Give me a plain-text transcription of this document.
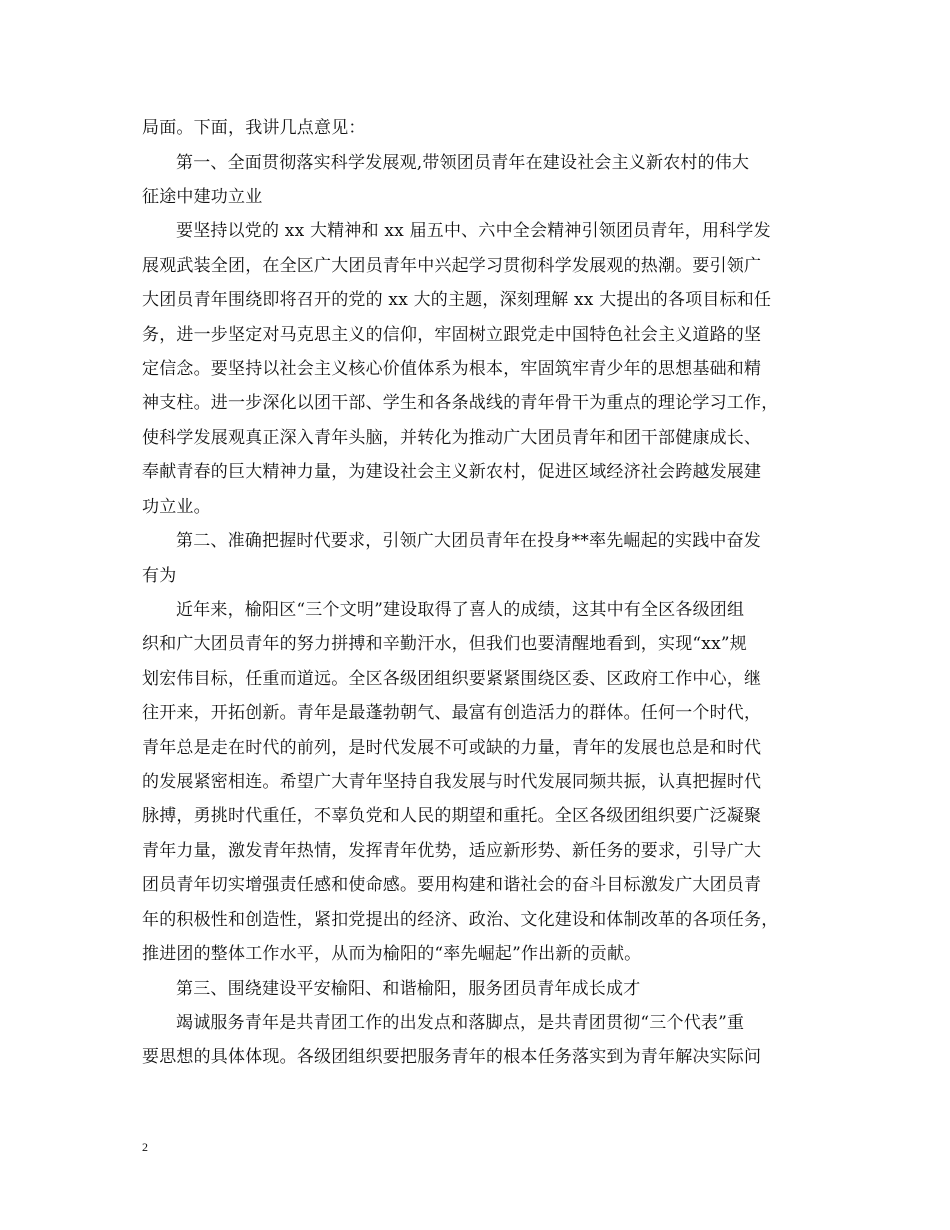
局面。下面，我讲几点意见：
第一、全面贯彻落实科学发展观,带领团员青年在建设社会主义新农村的伟大
征途中建功立业
要坚持以党的 xx 大精神和 xx 届五中、六中全会精神引领团员青年，用科学发
展观武装全团，在全区广大团员青年中兴起学习贯彻科学发展观的热潮。要引领广
大团员青年围绕即将召开的党的 xx 大的主题，深刻理解 xx 大提出的各项目标和任
务，进一步坚定对马克思主义的信仰，牢固树立跟党走中国特色社会主义道路的坚
定信念。要坚持以社会主义核心价值体系为根本，牢固筑牢青少年的思想基础和精
神支柱。进一步深化以团干部、学生和各条战线的青年骨干为重点的理论学习工作，
使科学发展观真正深入青年头脑，并转化为推动广大团员青年和团干部健康成长、
奉献青春的巨大精神力量，为建设社会主义新农村，促进区域经济社会跨越发展建
功立业。
第二、准确把握时代要求，引领广大团员青年在投身**率先崛起的实践中奋发
有为
近年来，榆阳区“三个文明”建设取得了喜人的成绩，这其中有全区各级团组
织和广大团员青年的努力拼搏和辛勤汗水，但我们也要清醒地看到，实现“xx”规
划宏伟目标，任重而道远。全区各级团组织要紧紧围绕区委、区政府工作中心，继
往开来，开拓创新。青年是最蓬勃朝气、最富有创造活力的群体。任何一个时代，
青年总是走在时代的前列，是时代发展不可或缺的力量，青年的发展也总是和时代
的发展紧密相连。希望广大青年坚持自我发展与时代发展同频共振，认真把握时代
脉搏，勇挑时代重任，不辜负党和人民的期望和重托。全区各级团组织要广泛凝聚
青年力量，激发青年热情，发挥青年优势，适应新形势、新任务的要求，引导广大
团员青年切实增强责任感和使命感。要用构建和谐社会的奋斗目标激发广大团员青
年的积极性和创造性，紧扣党提出的经济、政治、文化建设和体制改革的各项任务，
推进团的整体工作水平，从而为榆阳的“率先崛起”作出新的贡献。
第三、围绕建设平安榆阳、和谐榆阳，服务团员青年成长成才
竭诚服务青年是共青团工作的出发点和落脚点，是共青团贯彻“三个代表”重
要思想的具体体现。各级团组织要把服务青年的根本任务落实到为青年解决实际问
2
